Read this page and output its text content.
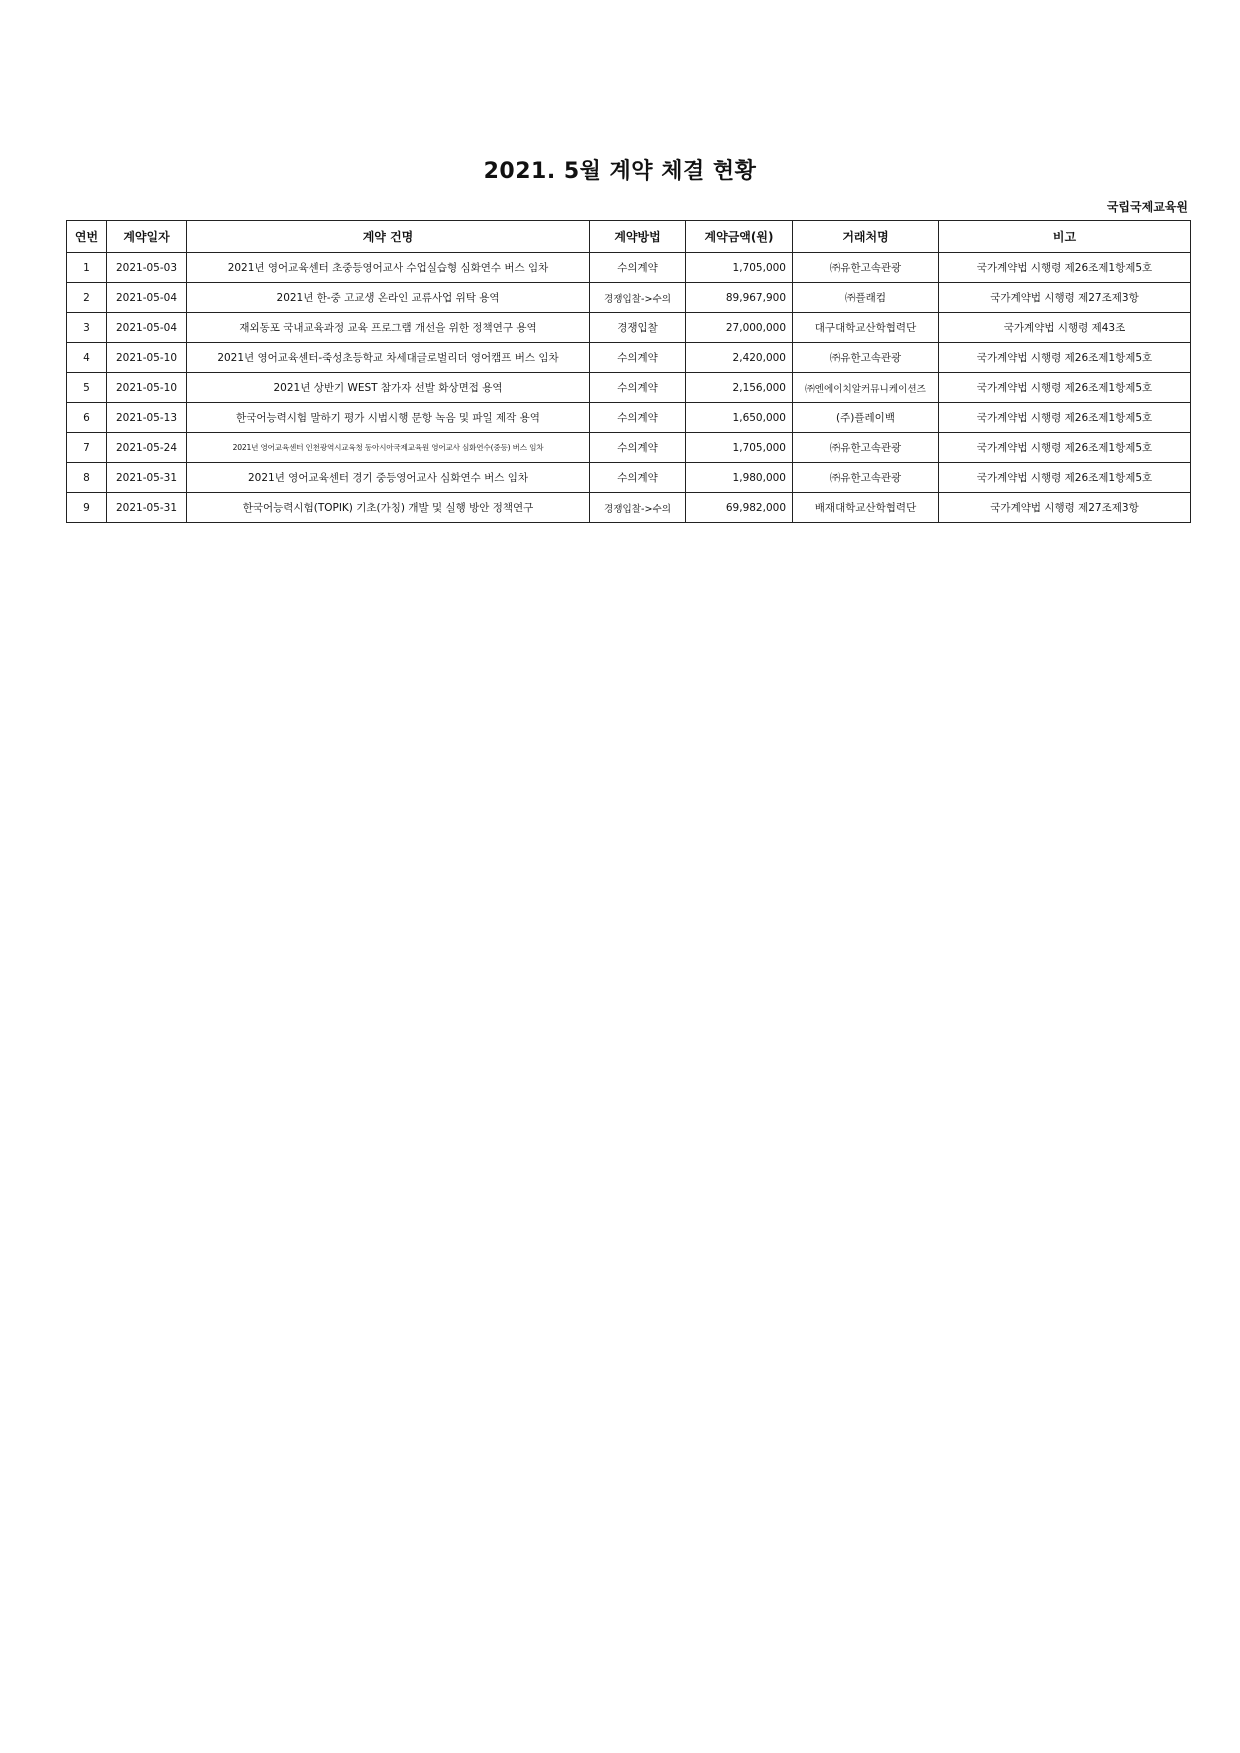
2021. 5월 계약 체결 현황
국립국제교육원
연번	계약일자	계약 건명	계약방법	계약금액(원)	거래처명	비고
1	2021-05-03	2021년 영어교육센터 초중등영어교사 수업실습형 심화연수 버스 임차	수의계약	1,705,000	㈜유한고속관광	국가계약법 시행령 제26조제1항제5호
2	2021-05-04	2021년 한-중 고교생 온라인 교류사업 위탁 용역	경쟁입찰->수의	89,967,900	㈜플래컴	국가계약법 시행령 제27조제3항
3	2021-05-04	재외동포 국내교육과정 교육 프로그램 개선을 위한 정책연구 용역	경쟁입찰	27,000,000	대구대학교산학협력단	국가계약법 시행령 제43조
4	2021-05-10	2021년 영어교육센터-죽성초등학교 차세대글로벌리더 영어캠프 버스 임차	수의계약	2,420,000	㈜유한고속관광	국가계약법 시행령 제26조제1항제5호
5	2021-05-10	2021년 상반기 WEST 참가자 선발 화상면접 용역	수의계약	2,156,000	㈜엔에이치알커뮤니케이션즈	국가계약법 시행령 제26조제1항제5호
6	2021-05-13	한국어능력시험 말하기 평가 시범시행 문항 녹음 및 파일 제작 용역	수의계약	1,650,000	(주)플레이백	국가계약법 시행령 제26조제1항제5호
7	2021-05-24	2021년 영어교육센터 인천광역시교육청 동아시아국제교육원 영어교사 심화연수(중등) 버스 임차	수의계약	1,705,000	㈜유한고속관광	국가계약법 시행령 제26조제1항제5호
8	2021-05-31	2021년 영어교육센터 경기 중등영어교사 심화연수 버스 임차	수의계약	1,980,000	㈜유한고속관광	국가계약법 시행령 제26조제1항제5호
9	2021-05-31	한국어능력시험(TOPIK) 기초(가칭) 개발 및 실행 방안 정책연구	경쟁입찰->수의	69,982,000	배재대학교산학협력단	국가계약법 시행령 제27조제3항
